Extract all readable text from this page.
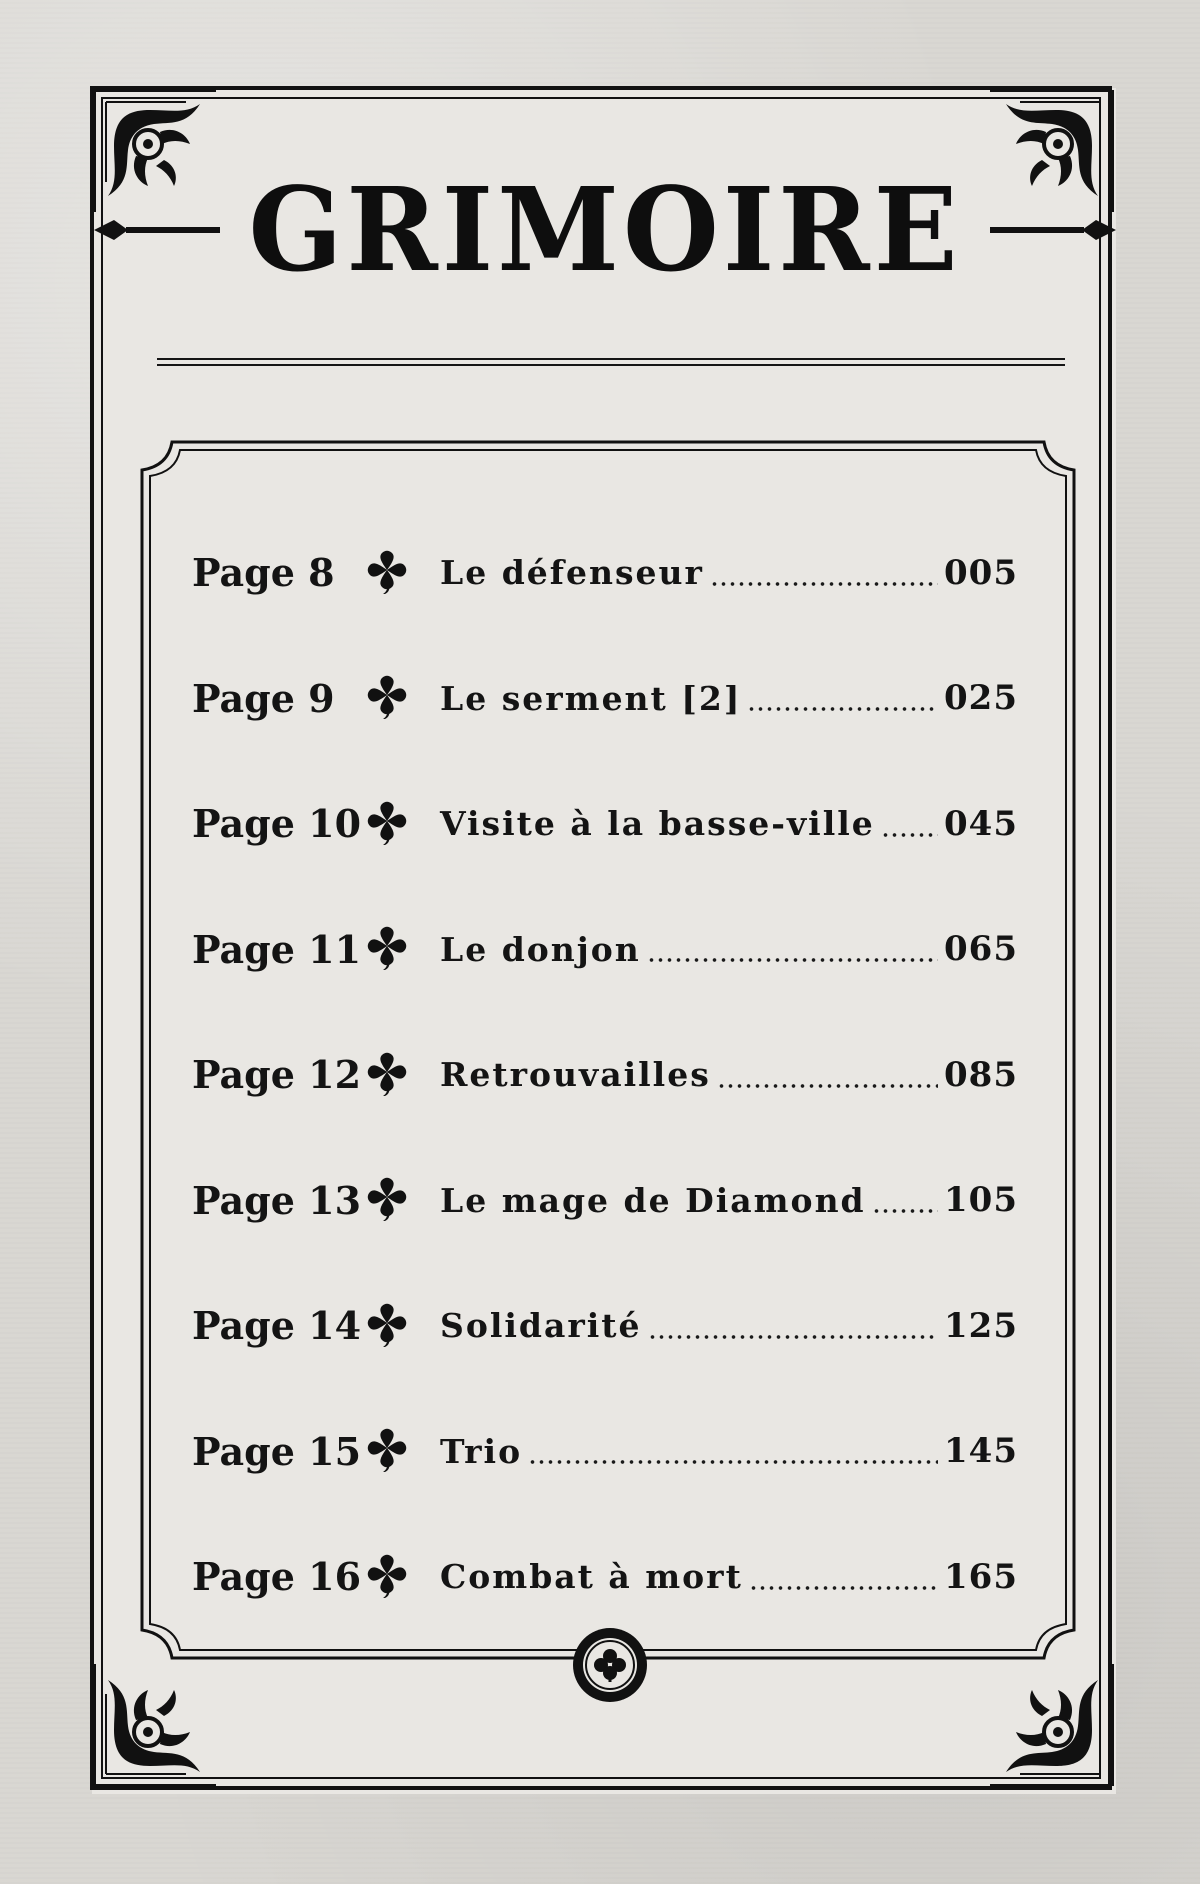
GRIMOIRE
Page 8	Le défenseur	005
Page 9	Le serment [2]	025
Page 10 Visite à la basse-ville 045
Page 11 Le donjon	065
Page 12 Retrouvailles	085
Page 13 Le mage de Diamond 105
Page 14 Solidarité	125
Page 15 Trio	145
Page 16 Combat à mort	165
